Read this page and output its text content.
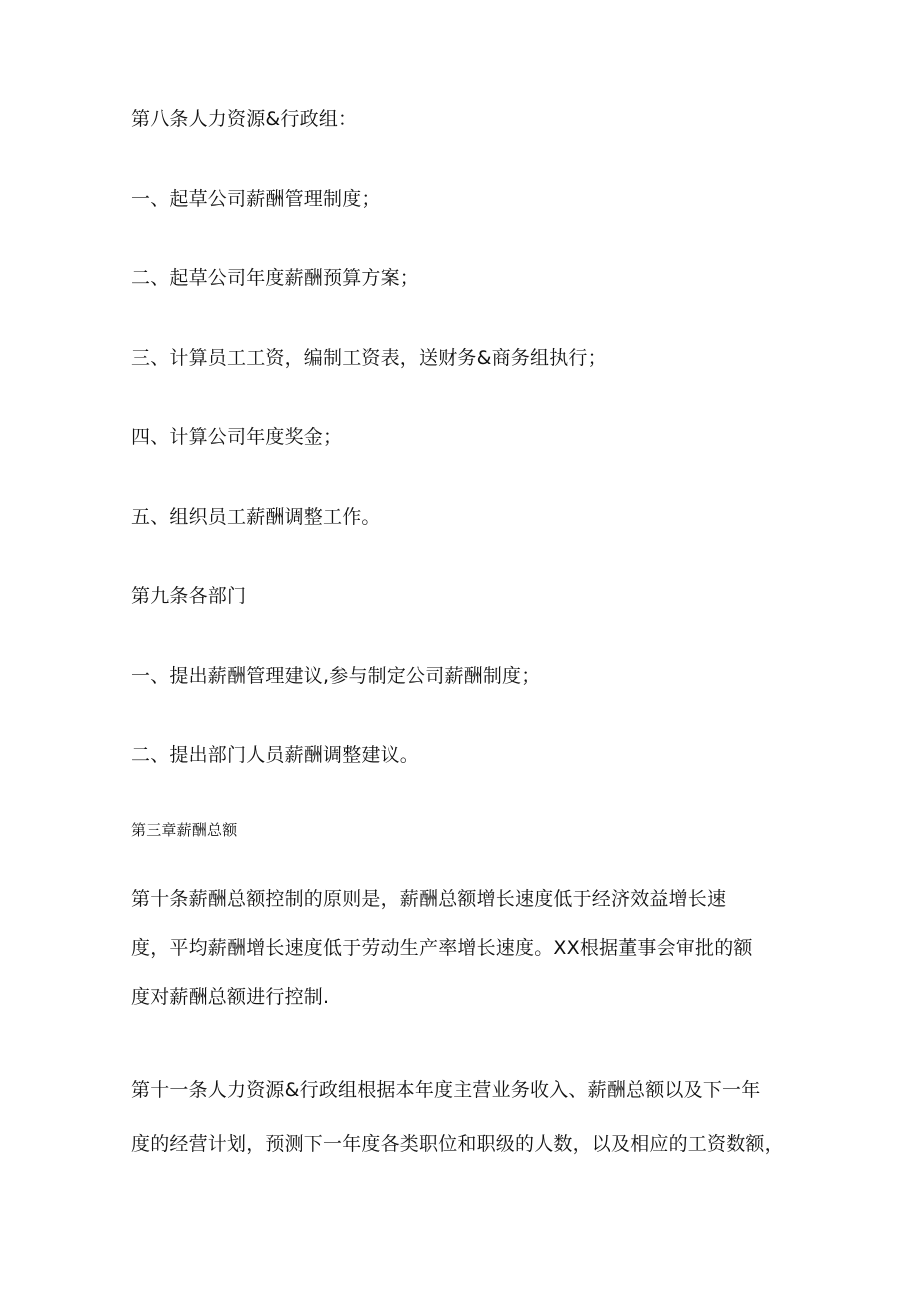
第八条人力资源&行政组：
一、起草公司薪酬管理制度；
二、起草公司年度薪酬预算方案；
三、计算员工工资，编制工资表，送财务&商务组执行；
四、计算公司年度奖金；
五、组织员工薪酬调整工作。
第九条各部门
一、提出薪酬管理建议,参与制定公司薪酬制度；
二、提出部门人员薪酬调整建议。
第三章薪酬总额
第十条薪酬总额控制的原则是，薪酬总额增长速度低于经济效益增长速
度，平均薪酬增长速度低于劳动生产率增长速度。XX根据董事会审批的额
度对薪酬总额进行控制.
第十一条人力资源&行政组根据本年度主营业务收入、薪酬总额以及下一年
度的经营计划，预测下一年度各类职位和职级的人数，以及相应的工资数额，
